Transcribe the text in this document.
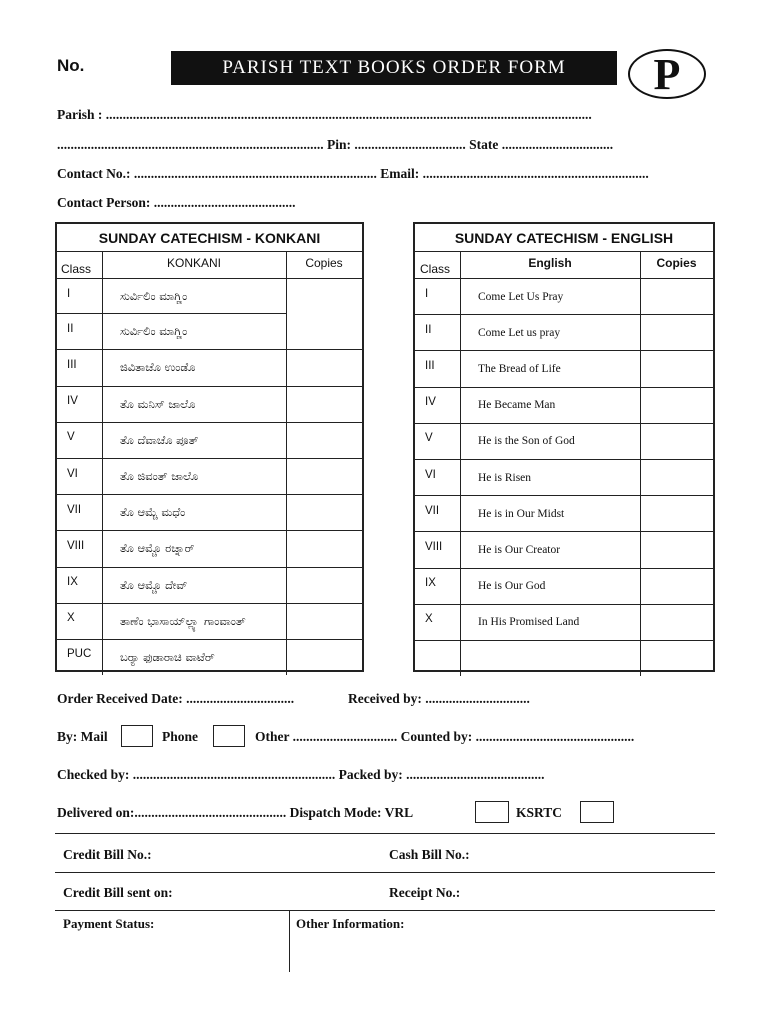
No.	PARISH TEXT BOOKS ORDER FORM	P
Parish : ................................................................................................................................................
............................................................................... Pin: ................................. State .................................
Contact No.: ........................................................................ Email: ...................................................................
Contact Person: ..........................................
SUNDAY CATECHISM - KONKANI
Class	KONKANI	Copies
I	ಸುರ್ವಿಲಿಂ ಮಾಗ್ಣಿಂ
II	ಸುರ್ವಿಲಿಂ ಮಾಗ್ಣಿಂ
III	ಜಿವಿತಾಚೊ ಉಂಡೊ
IV	ತೊ ಮನಿಸ್ ಜಾಲೊ
V	ತೊ ದೆವಾಚೊ ಪೂತ್
VI	ತೊ ಜಿವಂತ್ ಜಾಲೊ
VII	ತೊ ಆಮ್ಚೆ ಮಧೆಂ
VIII	ತೊ ಆಮ್ಚೊ ರಚ್ನಾರ್
IX	ತೊ ಆಮ್ಚೊ ದೇವ್
X	ತಾಣೆಂ ಭಾಸಾಯ್‌ಲ್ಲ್ಯಾ ಗಾಂವಾಂತ್
PUC ಬರ್‍ಯಾ ಫುಡಾರಾಚಿ ವಾಟೆರ್
SUNDAY CATECHISM - ENGLISH
Class	English	Copies
I	Come Let Us Pray
II	Come Let us pray
III	The Bread of Life
IV	He Became Man
V	He is the Son of God
VI	He is Risen
VII	He is in Our Midst
VIII	He is Our Creator
IX	He is Our God
X	In His Promised Land
Order Received Date: ................................	Received by: ...............................
By: Mail	Phone	Other ............................... Counted by: ...............................................
Checked by: ............................................................ Packed by: .........................................
Delivered on:............................................. Dispatch Mode: VRL	KSRTC
Credit Bill No.:	Cash Bill No.:
Credit Bill sent on:	Receipt No.:
Payment Status:	Other Information:
